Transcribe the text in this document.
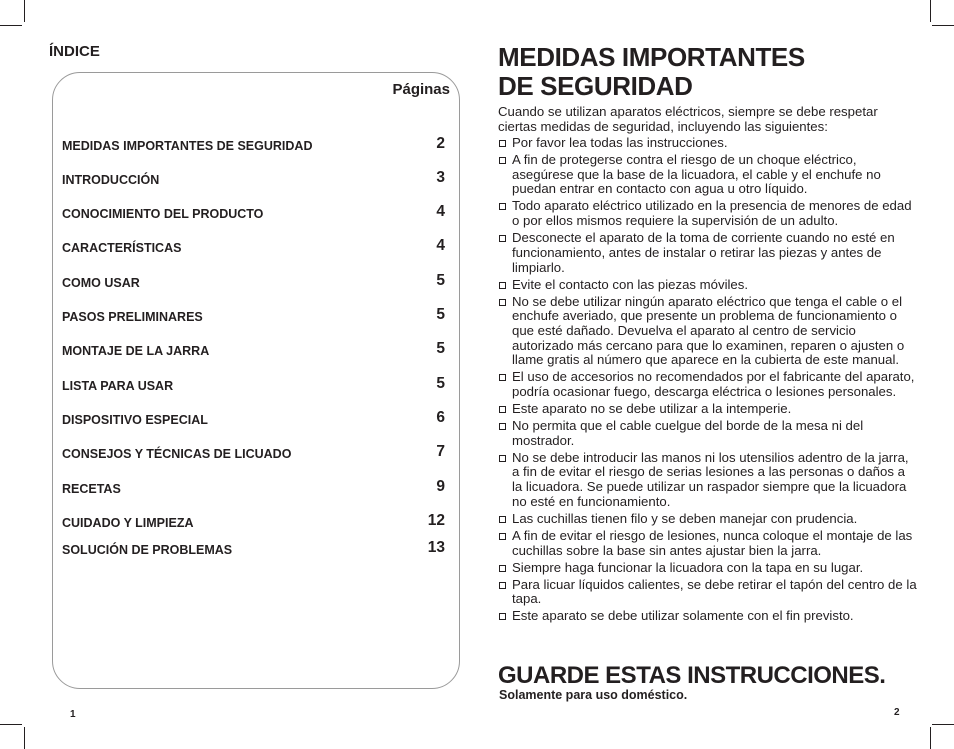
ÍNDICE
Páginas
MEDIDAS IMPORTANTES DE SEGURIDAD	2
INTRODUCCIÓN	3
CONOCIMIENTO DEL PRODUCTO	4
CARACTERÍSTICAS	4
COMO USAR	5
PASOS PRELIMINARES	5
MONTAJE DE LA JARRA	5
LISTA PARA USAR	5
DISPOSITIVO ESPECIAL	6
CONSEJOS Y TÉCNICAS DE LICUADO	7
RECETAS	9
CUIDADO Y LIMPIEZA	12
SOLUCIÓN DE PROBLEMAS	13
1
MEDIDAS IMPORTANTES
DE SEGURIDAD

Cuando se utilizan aparatos eléctricos, siempre se debe respetar ciertas medidas de seguridad, incluyendo las siguientes:

Por favor lea todas las instrucciones.
A fin de protegerse contra el riesgo de un choque eléctrico, asegúrese que la base de la licuadora, el cable y el enchufe no puedan entrar en contacto con agua u otro líquido.
Todo aparato eléctrico utilizado en la presencia de menores de edad o por ellos mismos requiere la supervisión de un adulto.
Desconecte el aparato de la toma de corriente cuando no esté en funcionamiento, antes de instalar o retirar las piezas y antes de limpiarlo.
Evite el contacto con las piezas móviles.
No se debe utilizar ningún aparato eléctrico que tenga el cable o el enchufe averiado, que presente un problema de funcionamiento o que esté dañado. Devuelva el aparato al centro de servicio autorizado más cercano para que lo examinen, reparen o ajusten o llame gratis al número que aparece en la cubierta de este manual.
El uso de accesorios no recomendados por el fabricante del aparato, podría ocasionar fuego, descarga eléctrica o lesiones personales.
Este aparato no se debe utilizar a la intemperie.
No permita que el cable cuelgue del borde de la mesa ni del mostrador.
No se debe introducir las manos ni los utensilios adentro de la jarra, a fin de evitar el riesgo de serias lesiones a las personas o daños a la licuadora. Se puede utilizar un raspador siempre que la licuadora no esté en funcionamiento.
Las cuchillas tienen filo y se deben manejar con prudencia.
A fin de evitar el riesgo de lesiones, nunca coloque el montaje de las cuchillas sobre la base sin antes ajustar bien la jarra.
Siempre haga funcionar la licuadora con la tapa en su lugar.
Para licuar líquidos calientes, se debe retirar el tapón del centro de la tapa.
Este aparato se debe utilizar solamente con el fin previsto.
GUARDE ESTAS INSTRUCCIONES.
Solamente para uso doméstico.
2
